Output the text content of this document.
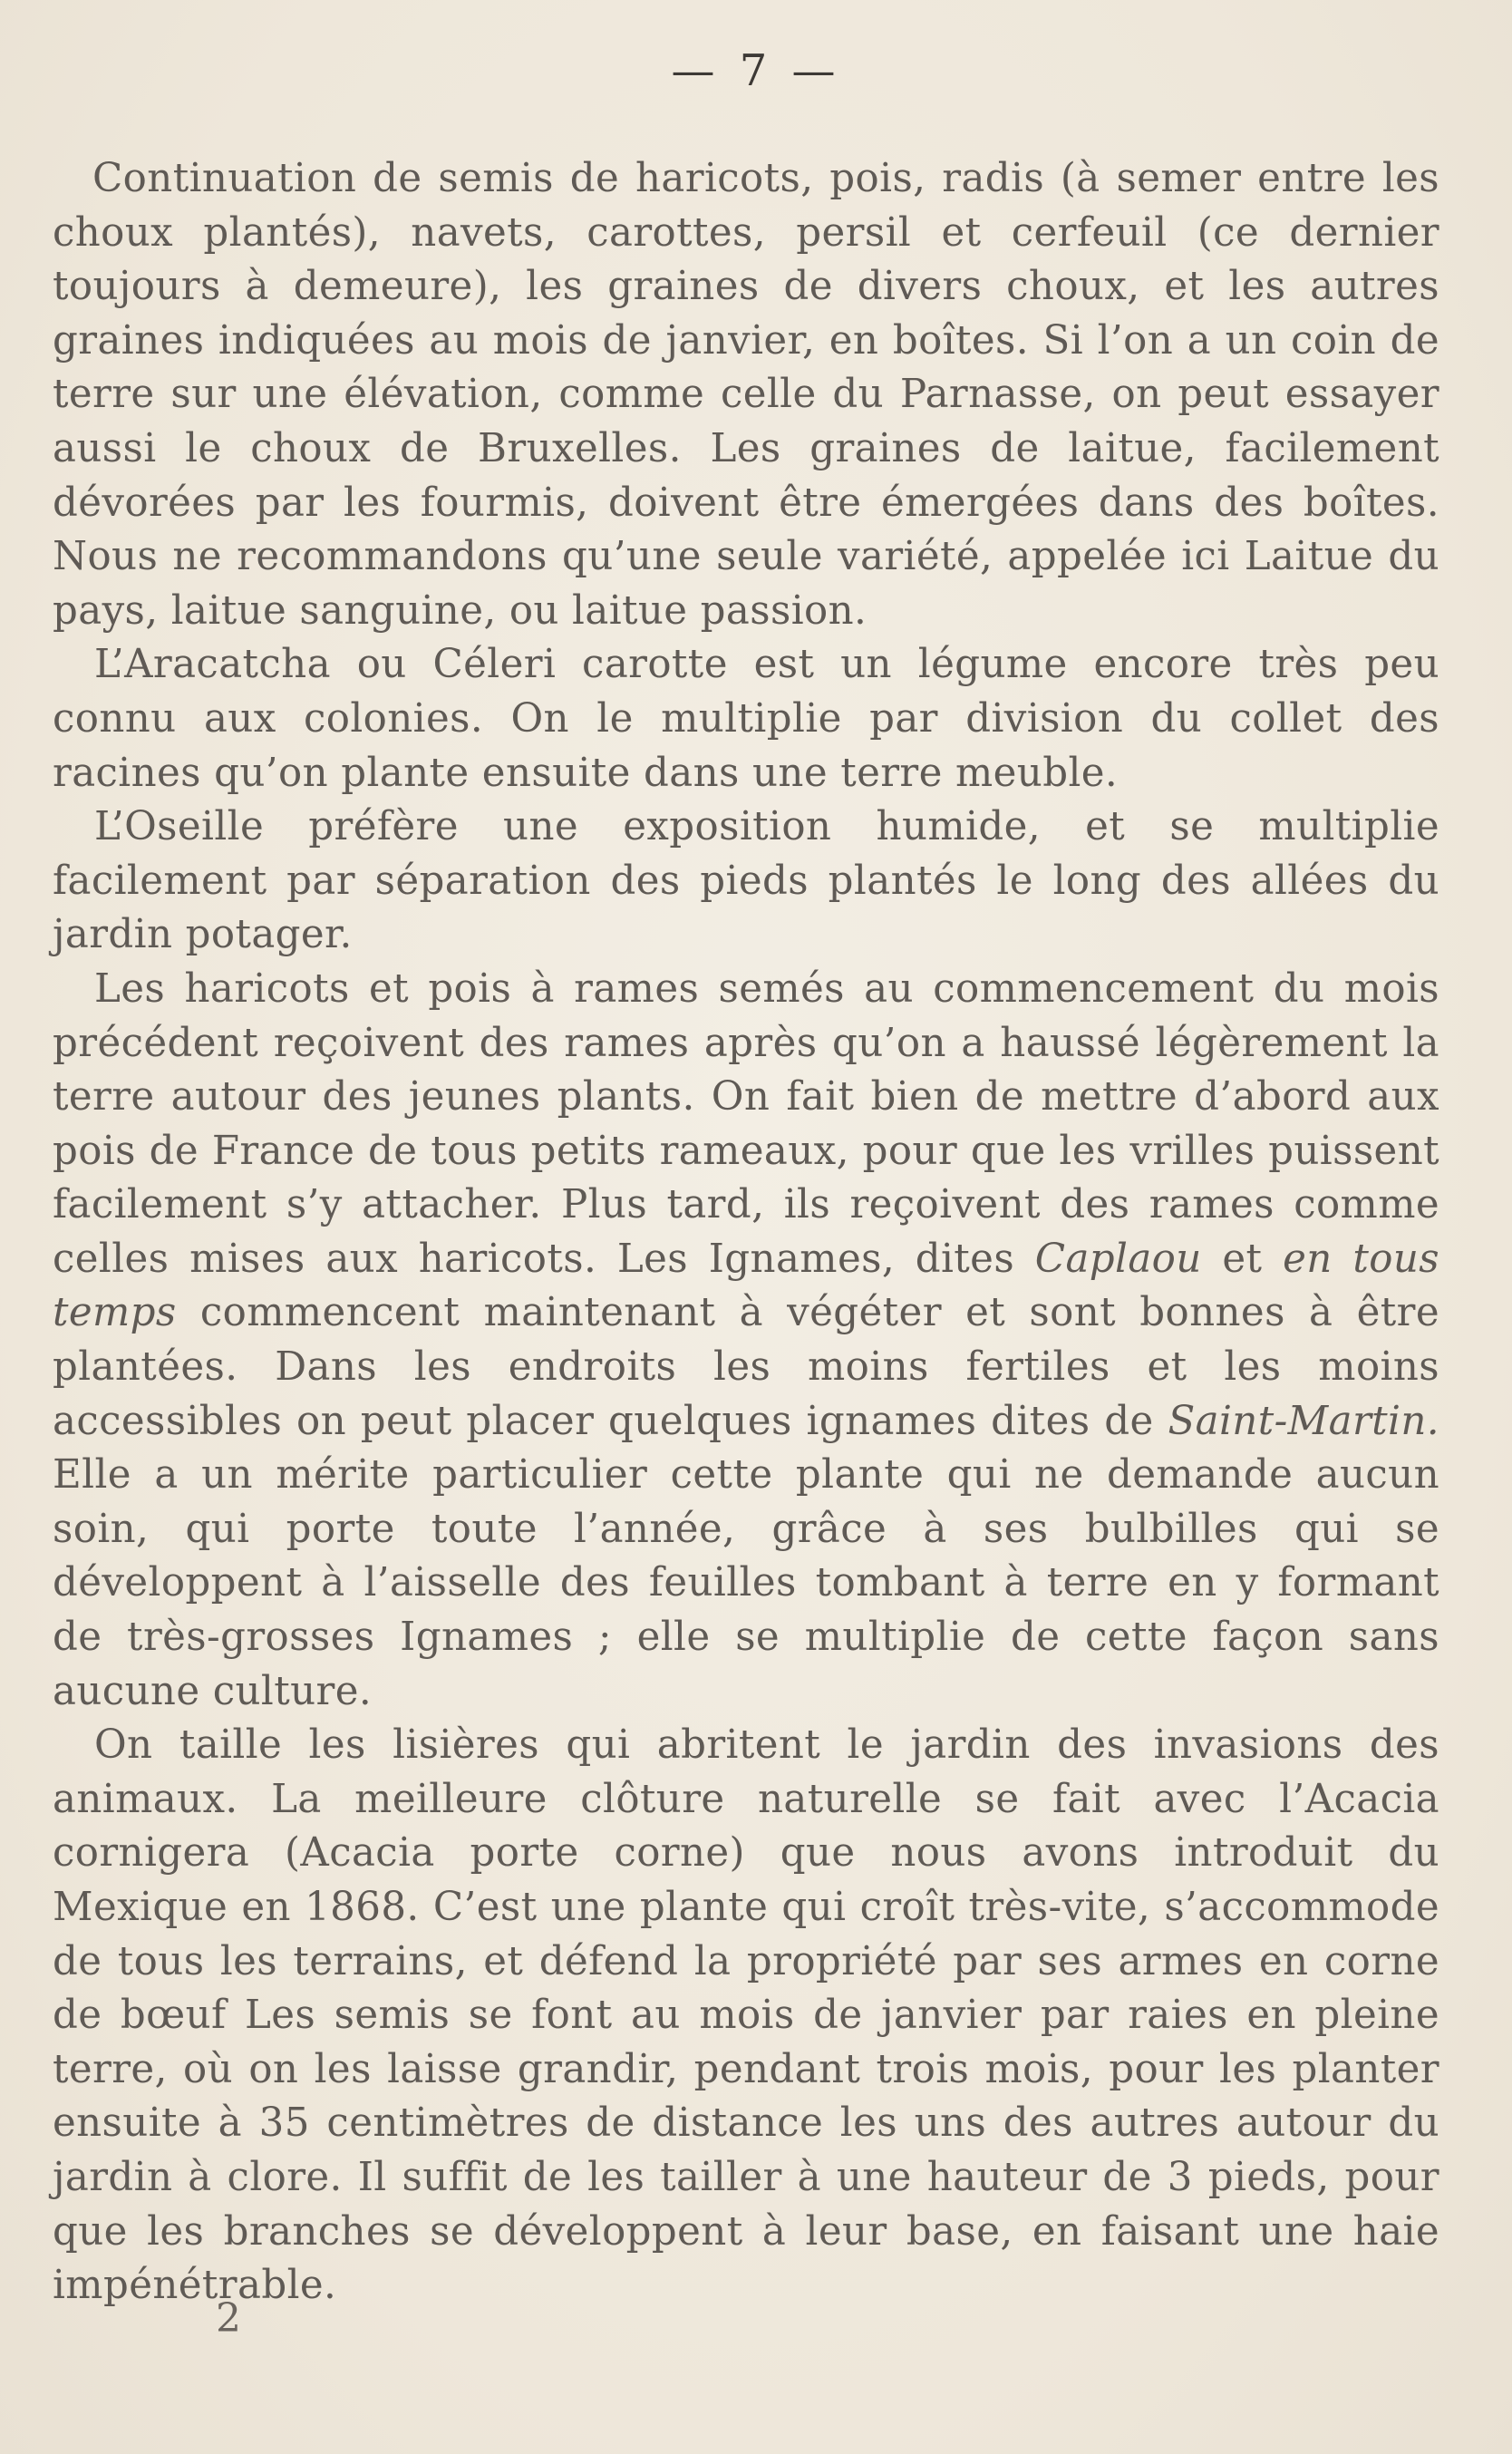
— 7 —

Continuation de semis de haricots, pois, radis (à semer entre les choux plantés), navets, carottes, persil et cerfeuil (ce dernier toujours à demeure), les graines de divers choux, et les autres graines indiquées au mois de janvier, en boîtes. Si l’on a un coin de terre sur une élévation, comme celle du Parnasse, on peut essayer aussi le choux de Bruxelles. Les graines de laitue, facilement dévorées par les fourmis, doivent être émergées dans des boîtes. Nous ne recommandons qu’une seule variété, appelée ici Laitue du pays, laitue sanguine, ou laitue passion.

L’Aracatcha ou Céleri carotte est un légume encore très peu connu aux colonies. On le multiplie par division du collet des racines qu’on plante ensuite dans une terre meuble.

L’Oseille préfère une exposition humide, et se multiplie facilement par séparation des pieds plantés le long des allées du jardin potager.

Les haricots et pois à rames semés au commencement du mois précédent reçoivent des rames après qu’on a haussé légèrement la terre autour des jeunes plants. On fait bien de mettre d’abord aux pois de France de tous petits rameaux, pour que les vrilles puissent facilement s’y attacher. Plus tard, ils reçoivent des rames comme celles mises aux haricots. Les Ignames, dites Caplaou et en tous temps commencent maintenant à végéter et sont bonnes à être plantées. Dans les endroits les moins fertiles et les moins accessibles on peut placer quelques ignames dites de Saint-Martin. Elle a un mérite particulier cette plante qui ne demande aucun soin, qui porte toute l’année, grâce à ses bulbilles qui se développent à l’aisselle des feuilles tombant à terre en y formant de très-grosses Ignames ; elle se multiplie de cette façon sans aucune culture.

On taille les lisières qui abritent le jardin des invasions des animaux. La meilleure clôture naturelle se fait avec l’Acacia cornigera (Acacia porte corne) que nous avons introduit du Mexique en 1868. C’est une plante qui croît très-vite, s’accommode de tous les terrains, et défend la propriété par ses armes en corne de bœuf Les semis se font au mois de janvier par raies en pleine terre, où on les laisse grandir, pendant trois mois, pour les planter ensuite à 35 centimètres de distance les uns des autres autour du jardin à clore. Il suffit de les tailler à une hauteur de 3 pieds, pour que les branches se développent à leur base, en faisant une haie impénétrable.

2
